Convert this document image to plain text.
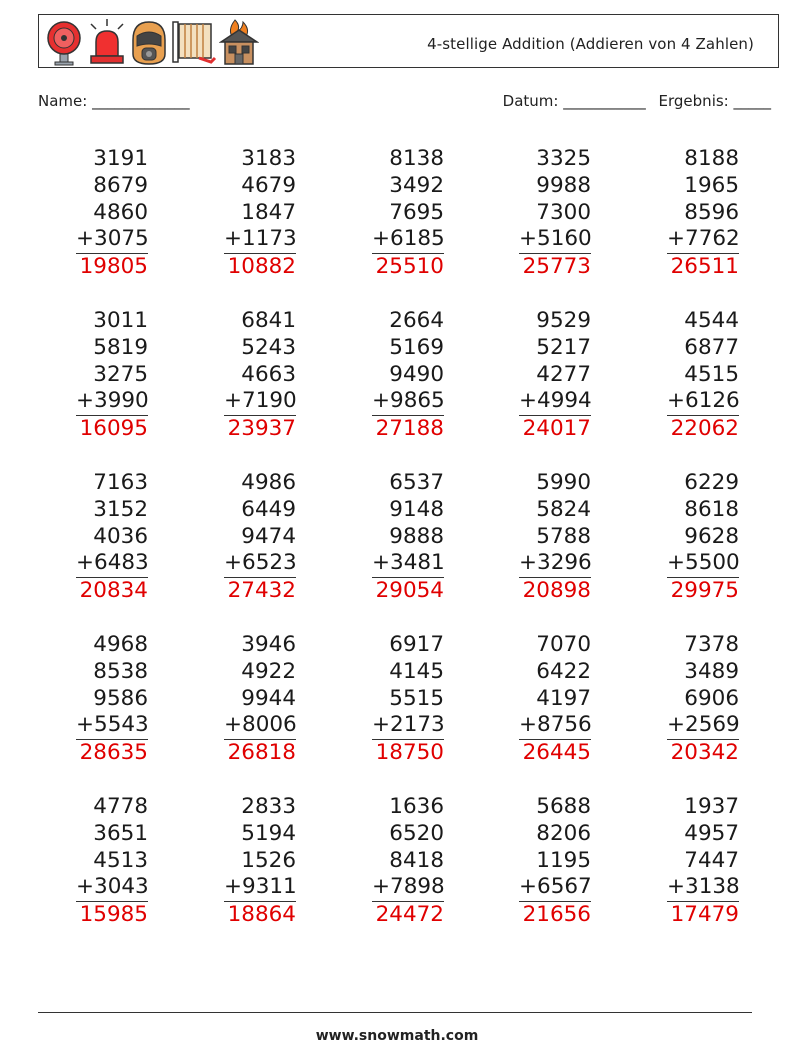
4-stellige Addition (Addieren von 4 Zahlen)
Name: _____________	Datum: ___________ Ergebnis: _____
3191
8679
4860
+3075
19805
3183
4679
1847
+1173
10882
8138
3492
7695
+6185
25510
3325
9988
7300
+5160
25773
8188
1965
8596
+7762
26511
3011
5819
3275
+3990
16095
6841
5243
4663
+7190
23937
2664
5169
9490
+9865
27188
9529
5217
4277
+4994
24017
4544
6877
4515
+6126
22062
7163
3152
4036
+6483
20834
4986
6449
9474
+6523
27432
6537
9148
9888
+3481
29054
5990
5824
5788
+3296
20898
6229
8618
9628
+5500
29975
4968
8538
9586
+5543
28635
3946
4922
9944
+8006
26818
6917
4145
5515
+2173
18750
7070
6422
4197
+8756
26445
7378
3489
6906
+2569
20342
4778
3651
4513
+3043
15985
2833
5194
1526
+9311
18864
1636
6520
8418
+7898
24472
5688
8206
1195
+6567
21656
1937
4957
7447
+3138
17479
www.snowmath.com
